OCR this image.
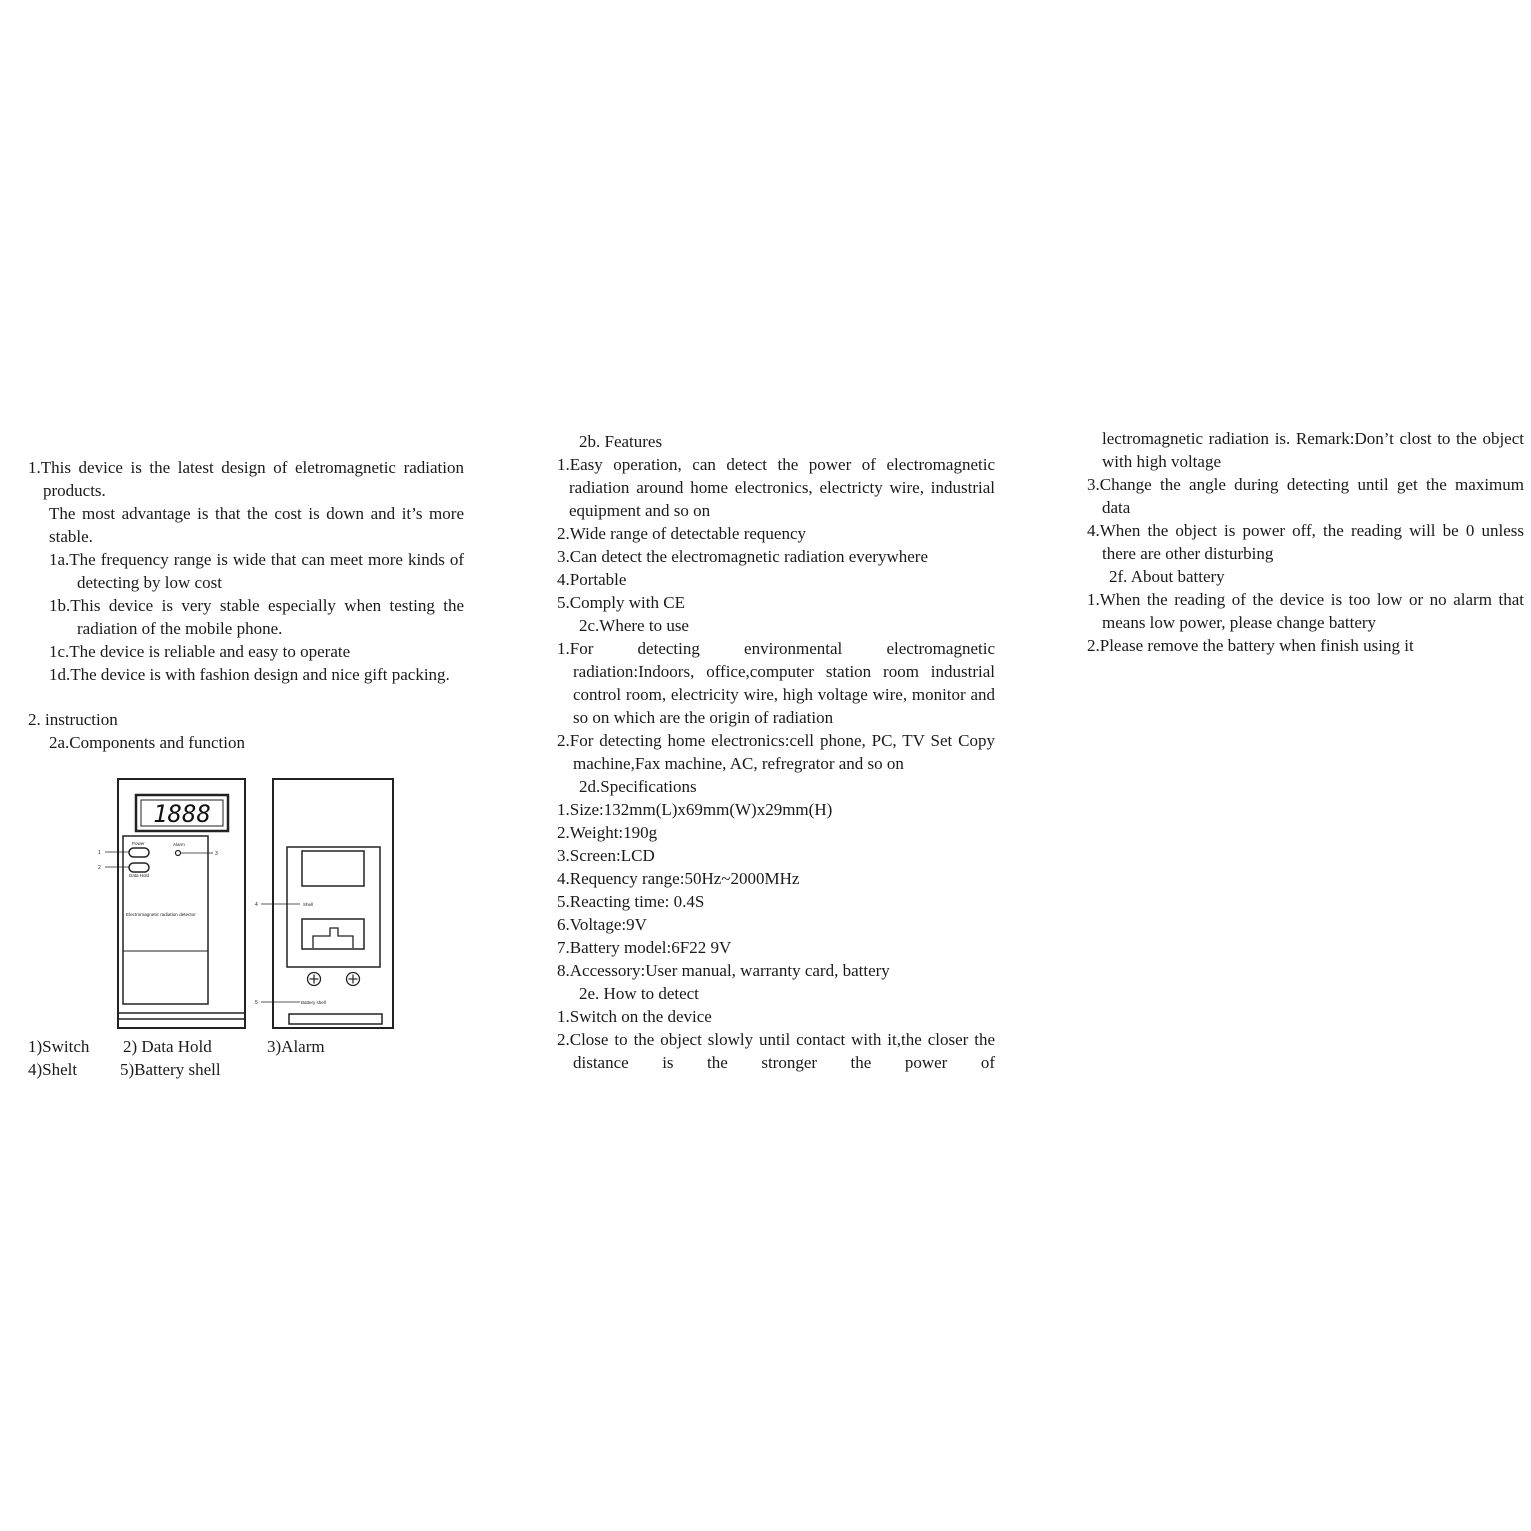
1.This device is the latest design of eletromagnetic radiation products.

The most advantage is that the cost is down and it’s more stable.

1a.The frequency range is wide that can meet more kinds of detecting by low cost

1b.This device is very stable especially when testing the radiation of the mobile phone.

1c.The device is reliable and easy to operate

1d.The device is with fashion design and nice gift packing.

2. instruction

2a.Components and function

1888
Power
Data Hold
Alarm
Electromagnetic radiation detector
1
2
3
4
5
Shell
Battery shell
1)Switch 2) Data Hold	3)Alarm
4)Shelt	5)Battery shell

2b. Features

1.Easy operation, can detect the power of electromagnetic radiation around home electronics, electricty wire, industrial equipment and so on

2.Wide range of detectable requency

3.Can detect the electromagnetic radiation everywhere

4.Portable

5.Comply with CE

2c.Where to use

1.For detecting environmental electromagnetic radiation:Indoors, office,computer station room industrial control room, electricity wire, high voltage wire, monitor and so on which are the origin of radiation

2.For detecting home electronics:cell phone, PC, TV Set Copy machine,Fax machine, AC, refregrator and so on

2d.Specifications

1.Size:132mm(L)x69mm(W)x29mm(H)

2.Weight:190g

3.Screen:LCD

4.Requency range:50Hz~2000MHz

5.Reacting time: 0.4S

6.Voltage:9V

7.Battery model:6F22 9V

8.Accessory:User manual, warranty card, battery

2e. How to detect

1.Switch on the device

2.Close to the object slowly until contact with it,the closer the distance is the stronger the power of

lectromagnetic radiation is. Remark:Don’t clost to the object with high voltage

3.Change the angle during detecting until get the maximum data

4.When the object is power off, the reading will be 0 unless there are other disturbing

2f. About battery

1.When the reading of the device is too low or no alarm that means low power, please change battery

2.Please remove the battery when finish using it
